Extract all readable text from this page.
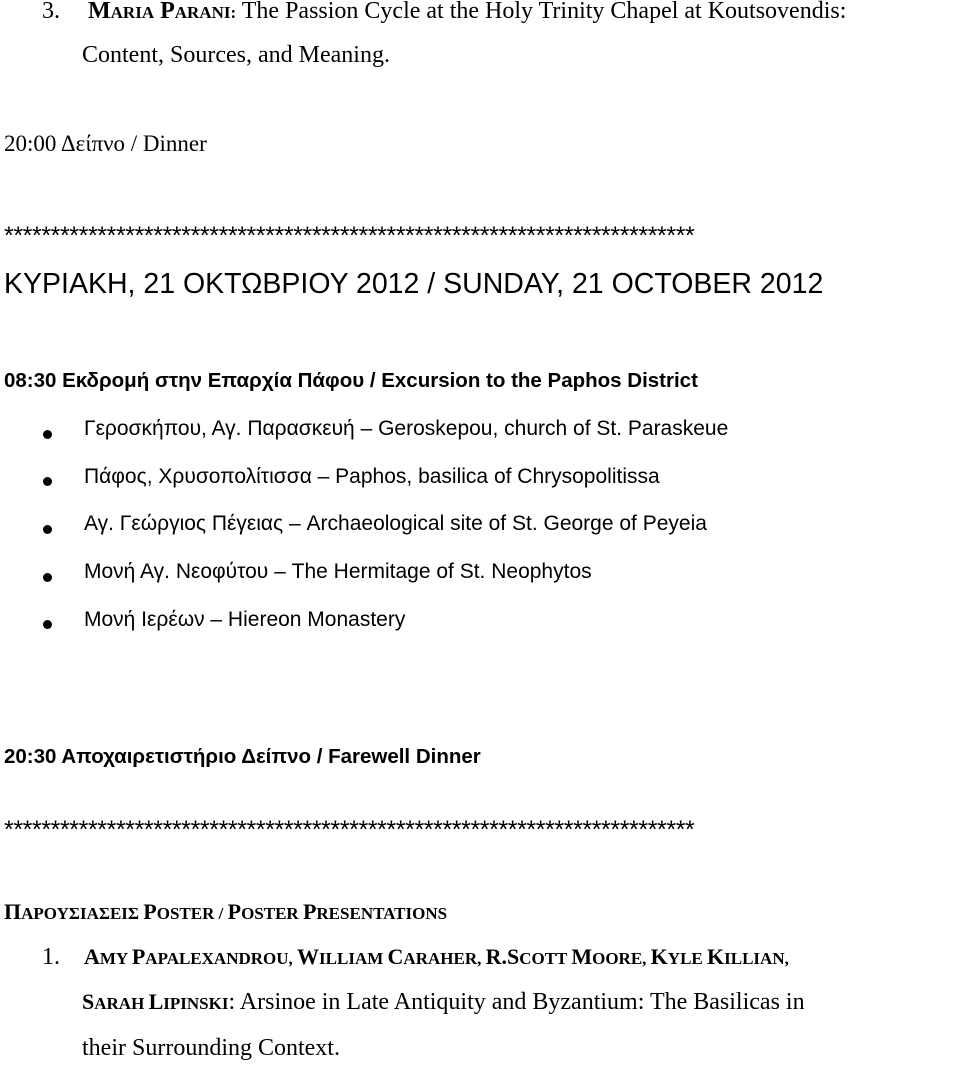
3. MARIA PARANI: The Passion Cycle at the Holy Trinity Chapel at Koutsovendis:
Content, Sources, and Meaning.
20:00 Δείπνο / Dinner
**************************************************************************
ΚΥΡΙΑΚΗ, 21 ΟΚΤΩΒΡΙΟΥ 2012 / SUNDAY, 21 OCTOBER 2012
08:30 Εκδρομή στην Επαρχία Πάφου / Excursion to the Paphos District
Γεροσκήπου, Αγ. Παρασκευή – Geroskepou, church of St. Paraskeue
Πάφος, Χρυσοπολίτισσα – Paphos, basilica of Chrysopolitissa
Αγ. Γεώργιος Πέγειας – Archaeological site of St. George of Peyeia
Μονή Αγ. Νεοφύτου – The Hermitage of St. Neophytos
Μονή Ιερέων – Hiereon Monastery
20:30 Αποχαιρετιστήριο Δείπνο / Farewell Dinner
**************************************************************************
ΠΑΡΟΥΣΙΑΣΕΙΣ POSTER / POSTER PRESENTATIONS
1. AMY PAPALEXANDROU, WILLIAM CARAHER, R.SCOTT MOORE, KYLE KILLIAN,
SARAH LIPINSKI: Arsinoe in Late Antiquity and Byzantium: The Basilicas in
their Surrounding Context.
